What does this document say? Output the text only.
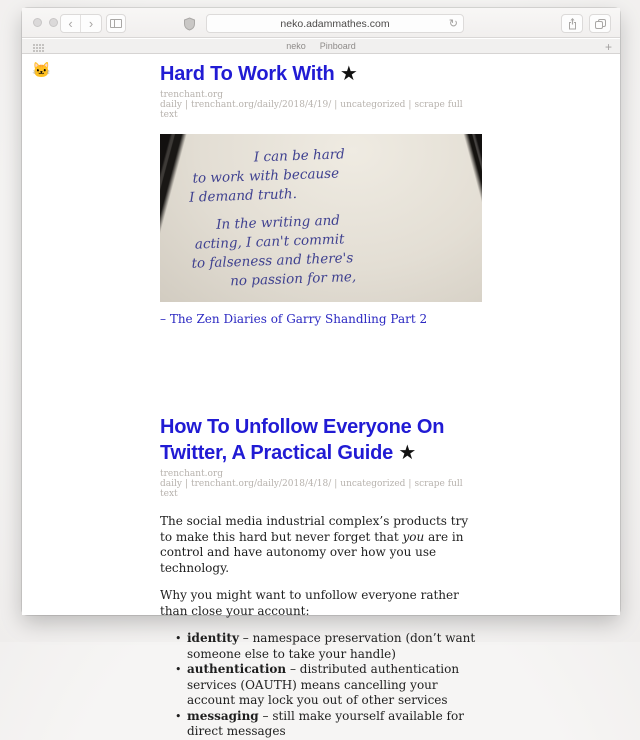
‹	›	neko.adammathes.com	↻
neko Pinboard	+
🐱	Hard To Work With ★
trenchant.org daily | trenchant.org/daily/2018/4/19/ | uncategorized | scrape full text
I can be hard
to work with because
I demand truth.
In the writing and
acting, I can't commit
to falseness and there's
no passion for me,
– The Zen Diaries of Garry Shandling Part 2
How To Unfollow Everyone On Twitter, A Practical Guide ★
trenchant.org daily | trenchant.org/daily/2018/4/18/ | uncategorized | scrape full text

The social media industrial complex’s products try to make this hard but never forget that you are in control and have autonomy over how you use technology.

Why you might want to unfollow everyone rather than close your account:

• identity – namespace preservation (don’t want someone else to take your handle)
• authentication – distributed authentication services (OAUTH) means cancelling your account may lock you out of other services
• messaging – still make yourself available for direct messages
